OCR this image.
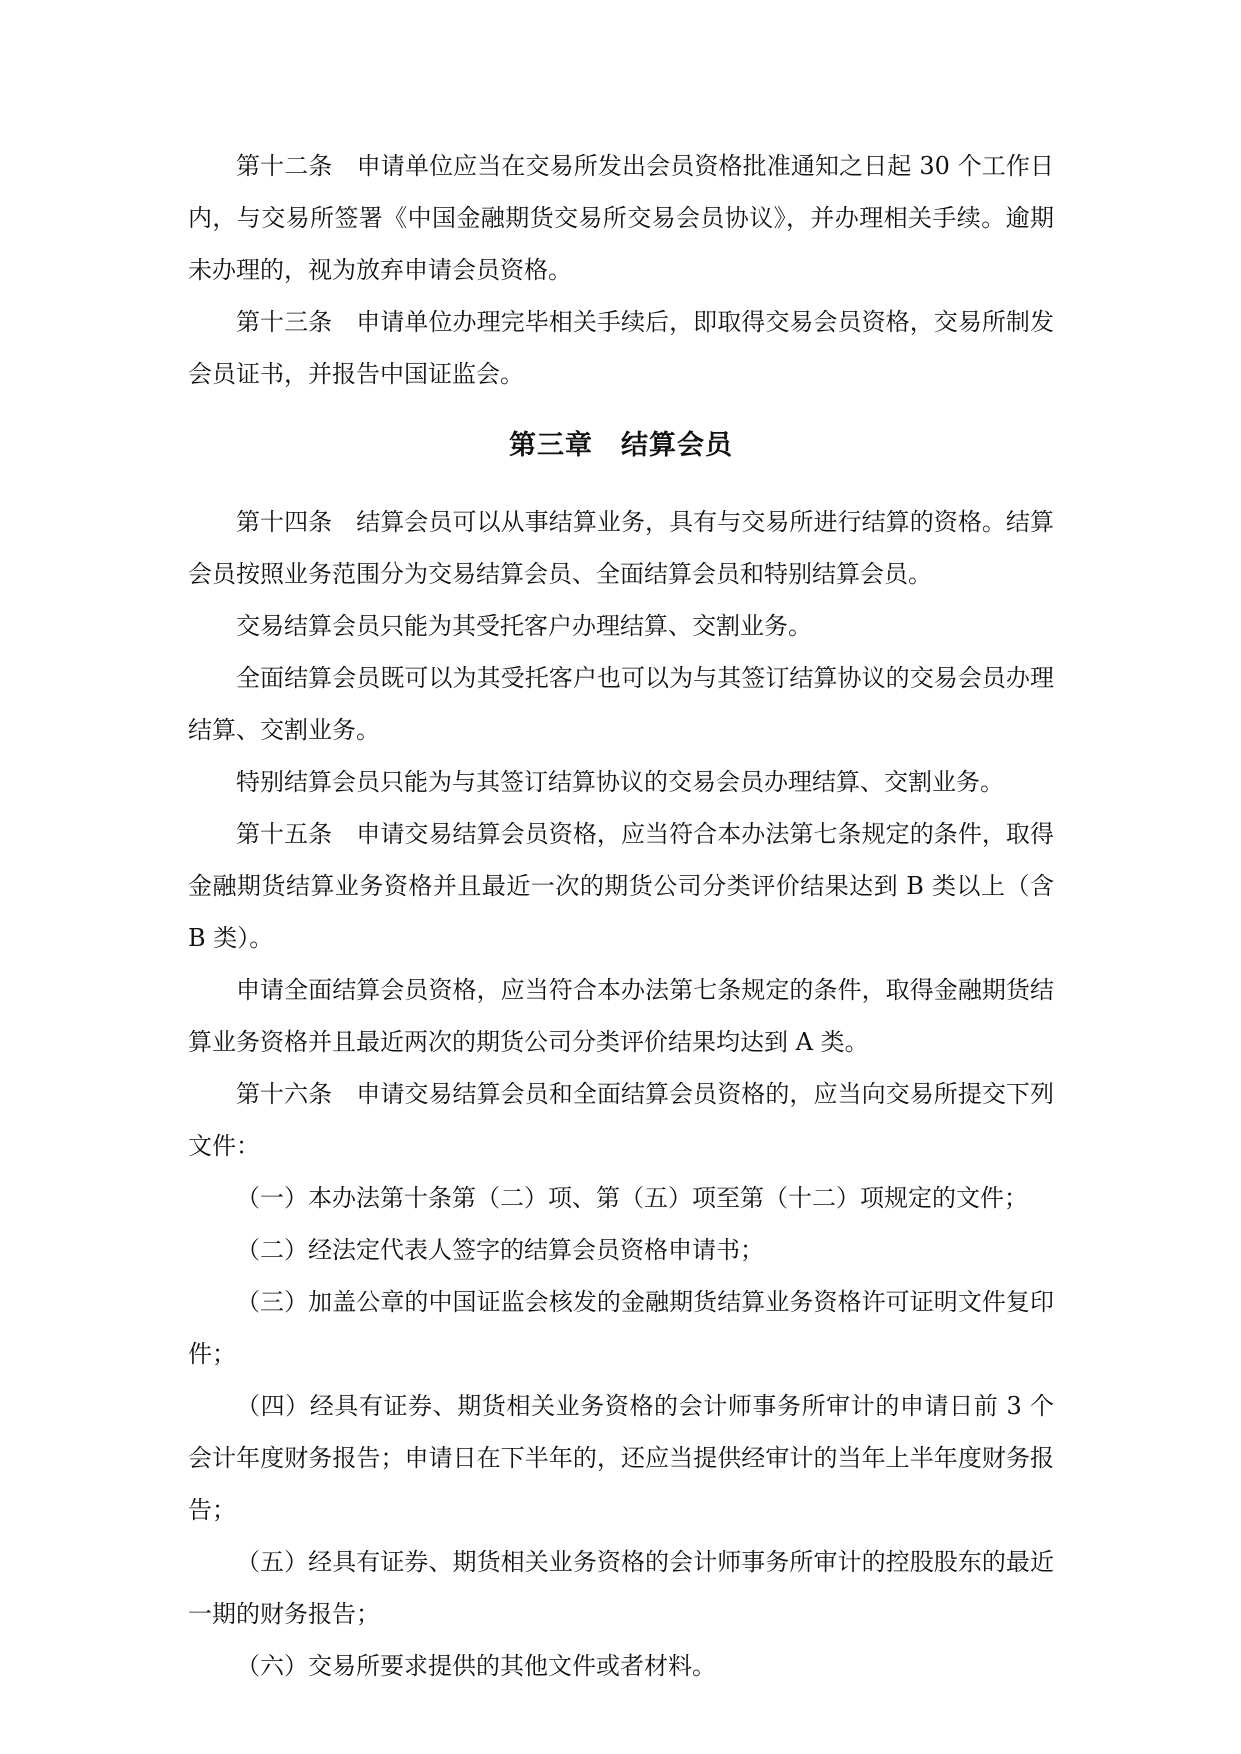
第十二条　申请单位应当在交易所发出会员资格批准通知之日起 30 个工作日内，与交易所签署《中国金融期货交易所交易会员协议》，并办理相关手续。逾期未办理的，视为放弃申请会员资格。

第十三条　申请单位办理完毕相关手续后，即取得交易会员资格，交易所制发会员证书，并报告中国证监会。

第三章　结算会员

第十四条　结算会员可以从事结算业务，具有与交易所进行结算的资格。结算会员按照业务范围分为交易结算会员、全面结算会员和特别结算会员。

交易结算会员只能为其受托客户办理结算、交割业务。

全面结算会员既可以为其受托客户也可以为与其签订结算协议的交易会员办理结算、交割业务。

特别结算会员只能为与其签订结算协议的交易会员办理结算、交割业务。

第十五条　申请交易结算会员资格，应当符合本办法第七条规定的条件，取得金融期货结算业务资格并且最近一次的期货公司分类评价结果达到 B 类以上（含 B 类）。

申请全面结算会员资格，应当符合本办法第七条规定的条件，取得金融期货结算业务资格并且最近两次的期货公司分类评价结果均达到 A 类。

第十六条　申请交易结算会员和全面结算会员资格的，应当向交易所提交下列文件：

（一）本办法第十条第（二）项、第（五）项至第（十二）项规定的文件；

（二）经法定代表人签字的结算会员资格申请书；

（三）加盖公章的中国证监会核发的金融期货结算业务资格许可证明文件复印件；

（四）经具有证券、期货相关业务资格的会计师事务所审计的申请日前 3 个会计年度财务报告；申请日在下半年的，还应当提供经审计的当年上半年度财务报告；

（五）经具有证券、期货相关业务资格的会计师事务所审计的控股股东的最近一期的财务报告；

（六）交易所要求提供的其他文件或者材料。
